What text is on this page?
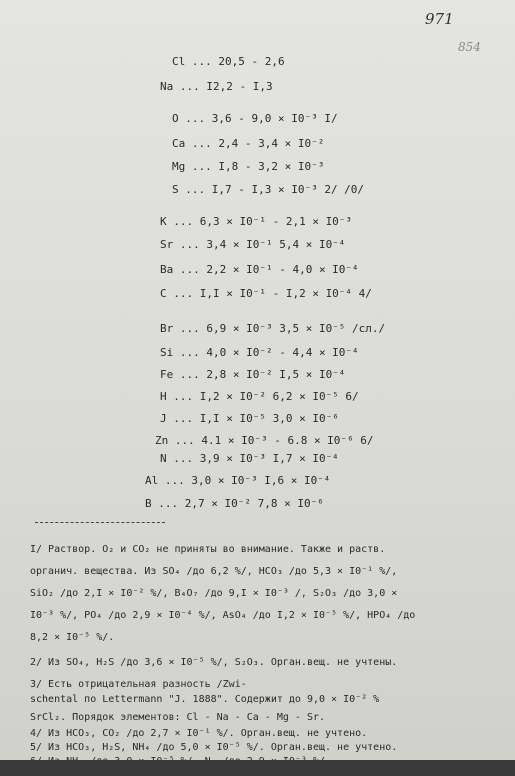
971
854
Cl ... 20,5 - 2,6
Na ... I2,2 - I,3
O ... 3,6 - 9,0 × I0⁻³ I/
Ca ... 2,4 - 3,4 × I0⁻²
Mg ... I,8 - 3,2 × I0⁻³
S ... I,7 - I,3 × I0⁻³ 2/ /0/
K ... 6,3 × I0⁻¹ - 2,1 × I0⁻³
Sr ... 3,4 × I0⁻¹ 5,4 × I0⁻⁴
Ba ... 2,2 × I0⁻¹ - 4,0 × I0⁻⁴
C ... I,I × I0⁻¹ - I,2 × I0⁻⁴ 4/
Br ... 6,9 × I0⁻³ 3,5 × I0⁻⁵ /сл./
Si ... 4,0 × I0⁻² - 4,4 × I0⁻⁴
Fe ... 2,8 × I0⁻² I,5 × I0⁻⁴
H ... I,2 × I0⁻² 6,2 × I0⁻⁵ 6/
J ... I,I × I0⁻⁵ 3,0 × I0⁻⁶
Zn ... 4.1 × I0⁻³ - 6.8 × I0⁻⁶ 6/
N ... 3,9 × I0⁻³ I,7 × I0⁻⁴
Al ... 3,0 × I0⁻³ I,6 × I0⁻⁴
B ... 2,7 × I0⁻² 7,8 × I0⁻⁶
I/ Раствор. O₂ и CO₂ не приняты во внимание. Также и раств.
органич. вещества. Из SO₄ /до 6,2 %/, HCO₃ /до 5,3 × I0⁻¹ %/,
SiO₂ /до 2,I × I0⁻² %/, B₄O₇ /до 9,I × I0⁻³ /, S₂O₃ /до 3,0 ×
I0⁻³ %/, PO₄ /до 2,9 × I0⁻⁴ %/, AsO₄ /до I,2 × I0⁻⁵ %/, HPO₄ /до
8,2 × I0⁻⁵ %/.
2/ Из SO₄, H₂S /до 3,6 × I0⁻⁵ %/, S₂O₃. Орган.вещ. не учтены.
3/ Есть отрицательная разность /Zwi-
schental по Lettermann "J. 1888". Содержит до 9,0 × I0⁻² %
SrCl₂. Порядок элементов: Cl - Na - Ca - Mg - Sr.
4/ Из HCO₃, CO₂ /до 2,7 × I0⁻¹ %/. Орган.вещ. не учтено.
5/ Из HCO₃, H₂S, NH₄ /до 5,0 × I0⁻⁵ %/. Орган.вещ. не учтено.
